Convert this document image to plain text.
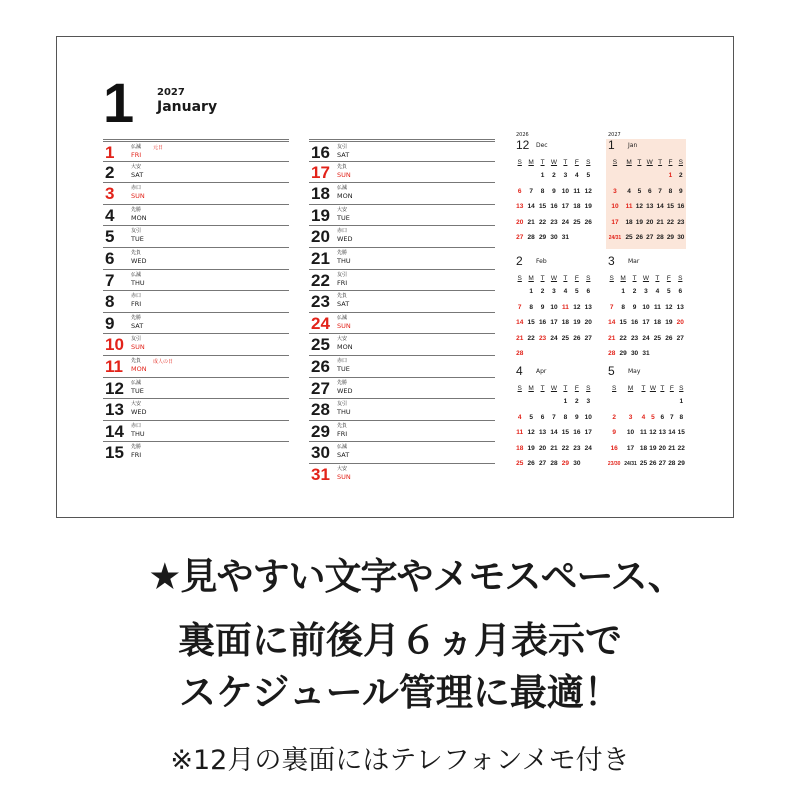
1 2027
January
1	仏滅
FRI
元日
2	大安
SAT
3	赤口
SUN
4	先勝
MON
5	友引
TUE
6	先負
WED
7	仏滅
THU
8	赤口
FRI
9	先勝
SAT
10 友引
SUN
11 先負
MON
成人の日
12 仏滅
TUE
13 大安
WED
14 赤口
THU
15 先勝
FRI
16 友引
SAT
17 先負
SUN
18 仏滅
MON
19 大安
TUE
20 赤口
WED
21 先勝
THU
22 友引
FRI
23 先負
SAT
24 仏滅
SUN
25 大安
MON
26 赤口
TUE
27 先勝
WED
28 友引
THU
29 先負
FRI
30 仏滅
SAT
31 大安
SUN
2026
12 Dec
S	M	T	W	T	F	S
		1	2	3	4	5
6	7	8	9	10	11	12
13	14	15	16	17	18	19
20	21	22	23	24	25	26
27	28	29	30	31		
2027
1 Jan
S	M	T	W	T	F	S
					1	2
3	4	5	6	7	8	9
10	11	12	13	14	15	16
17	18	19	20	21	22	23
24/31	25	26	27	28	29	30
2 Feb
S	M	T	W	T	F	S
	1	2	3	4	5	6
7	8	9	10	11	12	13
14	15	16	17	18	19	20
21	22	23	24	25	26	27
28						
3 Mar
S	M	T	W	T	F	S
	1	2	3	4	5	6
7	8	9	10	11	12	13
14	15	16	17	18	19	20
21	22	23	24	25	26	27
28	29	30	31			
4 Apr
S	M	T	W	T	F	S
				1	2	3
4	5	6	7	8	9	10
11	12	13	14	15	16	17
18	19	20	21	22	23	24
25	26	27	28	29	30	
5 May
S	M	T	W	T	F	S
						1
2	3	4	5	6	7	8
9	10	11	12	13	14	15
16	17	18	19	20	21	22
23/30	24/31	25	26	27	28	29
★見やすい文字やメモスペース、
裏面に前後月６ヵ月表示で
スケジュール管理に最適！
※12月の裏面にはテレフォンメモ付き
